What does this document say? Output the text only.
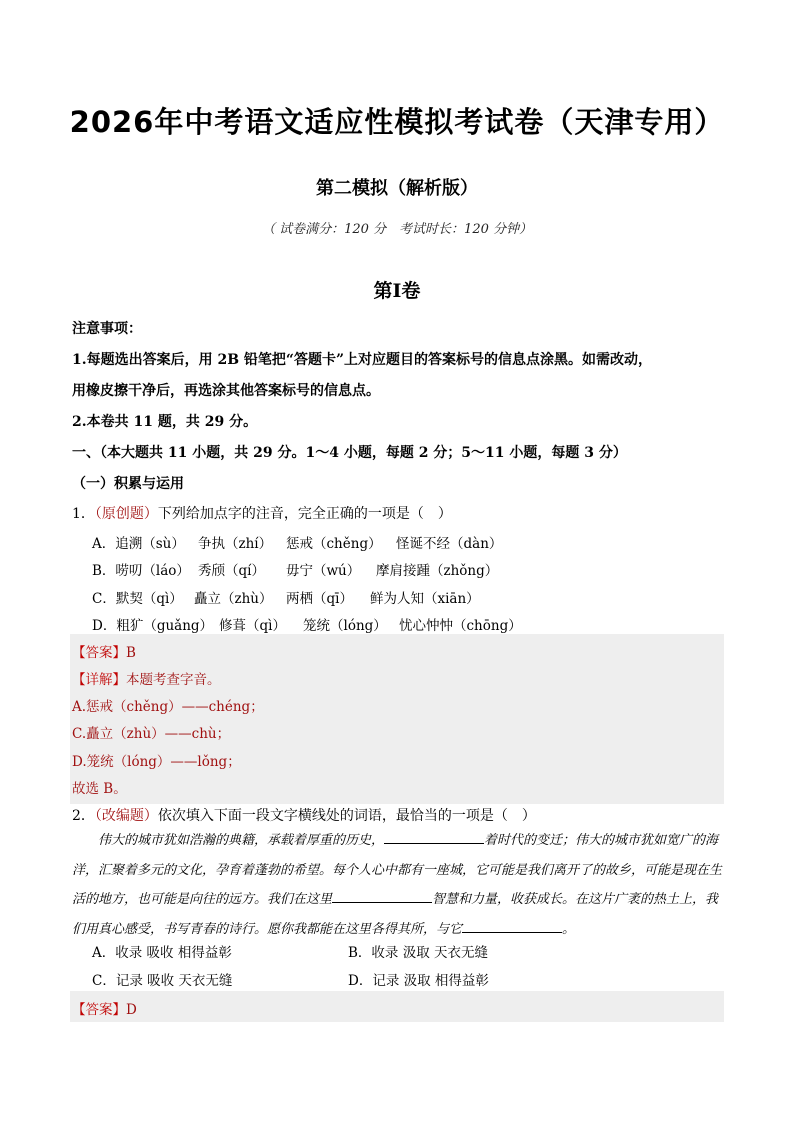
2026年中考语文适应性模拟考试卷（天津专用）
第二模拟（解析版）
（ 试卷满分：120 分　考试时长：120 分钟）
第Ⅰ卷
注意事项：
1.每题选出答案后，用 2B 铅笔把“答题卡”上对应题目的答案标号的信息点涂黑。如需改动，
用橡皮擦干净后，再选涂其他答案标号的信息点。
2.本卷共 11 题，共 29 分。
一、（本大题共 11 小题，共 29 分。1～4 小题，每题 2 分；5～11 小题，每题 3 分）
（一）积累与运用
1．（原创题）下列给加点字的注音，完全正确的一项是（　）
A．追溯（sù） 争执（zhí） 惩戒（chěng） 怪诞不经（dàn）
B．唠叨（láo） 秀颀（qí） 毋宁（wú） 摩肩接踵（zhǒng）
C．默契（qì） 矗立（zhù） 两栖（qī） 鲜为人知（xiān）
D．粗犷（guǎng） 修葺（qì） 笼统（lóng） 忧心忡忡（chōng）
【答案】B
【详解】本题考查字音。
A.惩戒（chěng）——chéng；
C.矗立（zhù）——chù；
D.笼统（lóng）——lǒng；
故选 B。
2．（改编题）依次填入下面一段文字横线处的词语，最恰当的一项是（　）
伟大的城市犹如浩瀚的典籍，承载着厚重的历史，	着时代的变迁；伟大的城市犹如宽广的海洋，汇聚着多元的文化，孕育着蓬勃的希望。每个人心中都有一座城，它可能是我们离开了的故乡，可能是现在生活的地方，也可能是向往的远方。我们在这里	智慧和力量，收获成长。在这片广袤的热土上，我们用真心感受，书写青春的诗行。愿你我都能在这里各得其所，与它	。
A．收录 吸收 相得益彰	B．收录 汲取 天衣无缝
C．记录 吸收 天衣无缝	D．记录 汲取 相得益彰
【答案】D
